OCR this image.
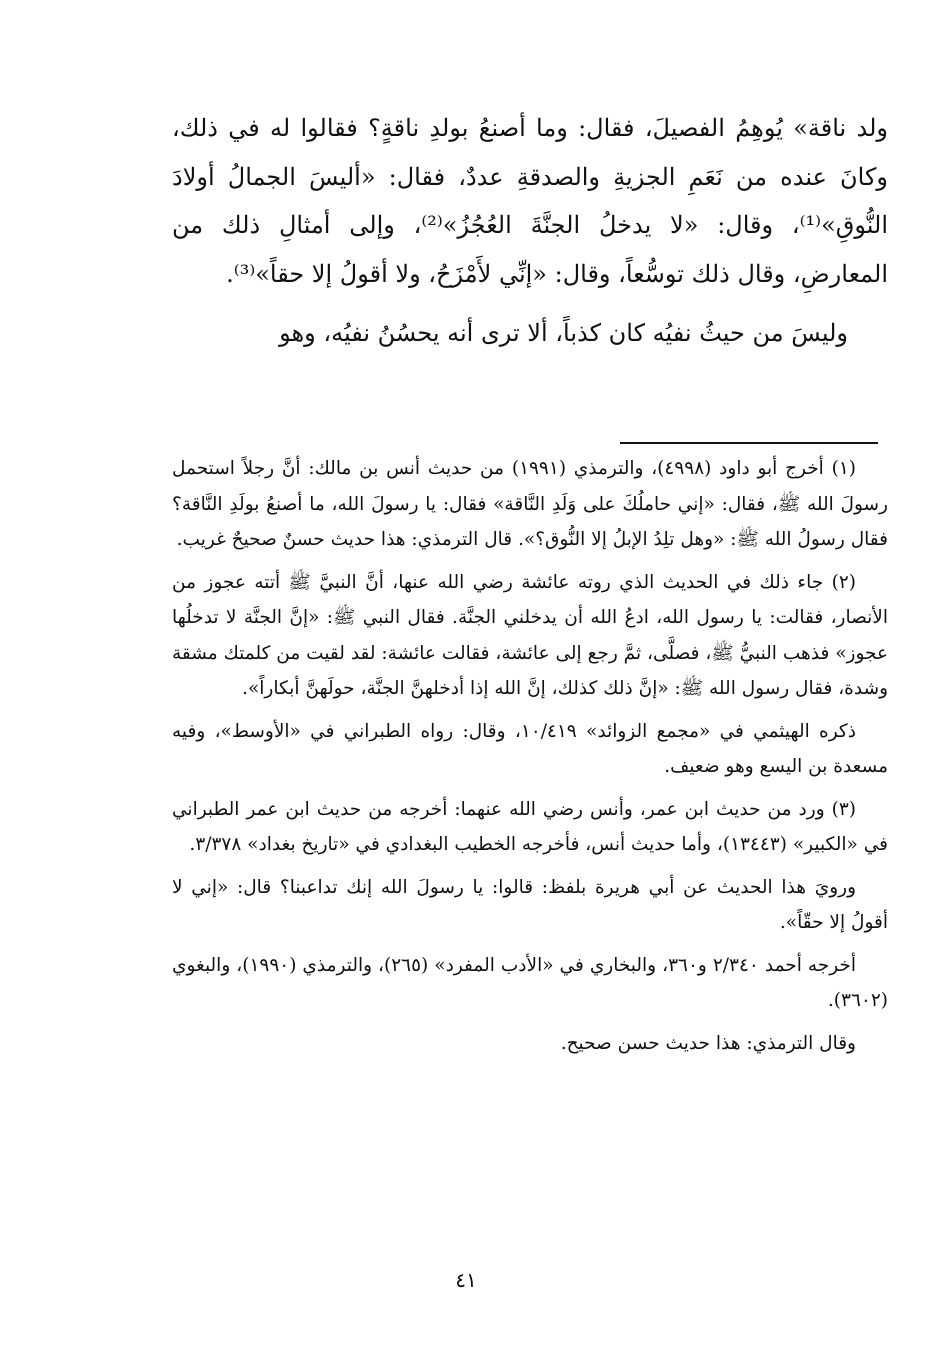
ولد ناقة» يُوهِمُ الفصيلَ، فقال: وما أصنعُ بولدِ ناقةٍ؟ فقالوا له في ذلك، وكانَ عنده من نَعَمِ الجزيةِ والصدقةِ عددٌ، فقال: «أليسَ الجمالُ أولادَ النُّوقِ»⁽¹⁾، وقال: «لا يدخلُ الجنَّةَ العُجُزُ»⁽²⁾، وإلى أمثالِ ذلك من المعارضِ، وقال ذلك توسُّعاً، وقال: «إنِّي لأَمْزَحُ، ولا أقولُ إلا حقاً»⁽³⁾.

وليسَ من حيثُ نفيُه كان كذباً، ألا ترى أنه يحسُنُ نفيُه، وهو

(١) أخرج أبو داود (٤٩٩٨)، والترمذي (١٩٩١) من حديث أنس بن مالك: أنَّ رجلاً استحمل رسولَ الله ﷺ، فقال: «إني حاملُكَ على وَلَدِ النَّاقة» فقال: يا رسولَ الله، ما أصنعُ بولَدِ النَّاقة؟ فقال رسولُ الله ﷺ: «وهل تلِدُ الإبلُ إلا النُّوق؟». قال الترمذي: هذا حديث حسنٌ صحيحٌ غريب.

(٢) جاء ذلك في الحديث الذي روته عائشة رضي الله عنها، أنَّ النبيَّ ﷺ أتته عجوز من الأنصار، فقالت: يا رسول الله، ادعُ الله أن يدخلني الجنَّة. فقال النبي ﷺ: «إنَّ الجنَّة لا تدخلُها عجوز» فذهب النبيُّ ﷺ، فصلَّى، ثمَّ رجع إلى عائشة، فقالت عائشة: لقد لقيت من كلمتك مشقة وشدة، فقال رسول الله ﷺ: «إنَّ ذلك كذلك، إنَّ الله إذا أدخلهنَّ الجنَّة، حولَهنَّ أبكاراً».

ذكره الهيثمي في «مجمع الزوائد» ١٠/٤١٩، وقال: رواه الطبراني في «الأوسط»، وفيه مسعدة بن اليسع وهو ضعيف.

(٣) ورد من حديث ابن عمر، وأنس رضي الله عنهما: أخرجه من حديث ابن عمر الطبراني في «الكبير» (١٣٤٤٣)، وأما حديث أنس، فأخرجه الخطيب البغدادي في «تاريخ بغداد» ٣/٣٧٨.

ورويَ هذا الحديث عن أبي هريرة بلفظ: قالوا: يا رسولَ الله إنك تداعبنا؟ قال: «إني لا أقولُ إلا حقّاً».

أخرجه أحمد ٢/٣٤٠ و٣٦٠، والبخاري في «الأدب المفرد» (٢٦٥)، والترمذي (١٩٩٠)، والبغوي (٣٦٠٢).

وقال الترمذي: هذا حديث حسن صحيح.

٤١
